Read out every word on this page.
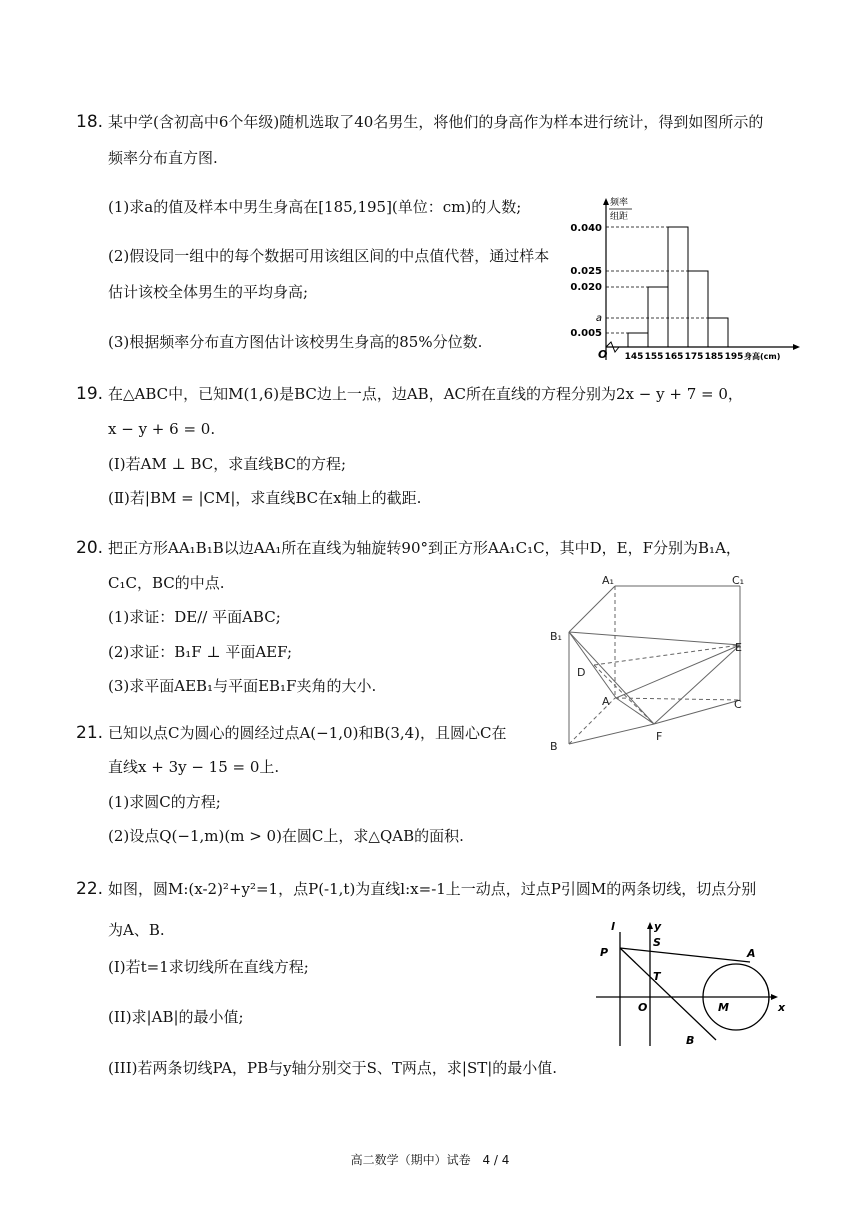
18. 某中学(含初高中6个年级)随机选取了40名男生，将他们的身高作为样本进行统计，得到如图所示的
频率分布直方图.
(1)求a的值及样本中男生身高在[185,195](单位：cm)的人数;
(2)假设同一组中的每个数据可用该组区间的中点值代替，通过样本
估计该校全体男生的平均身高;
(3)根据频率分布直方图估计该校男生身高的85%分位数.
频率
组距
0.040
0.025
0.020
a
0.005
O 145 155 165 175 185 195 身高(cm)
19. 在△ABC中，已知M(1,6)是BC边上一点，边AB，AC所在直线的方程分别为2x − y + 7 = 0，
x − y + 6 = 0.
(Ⅰ)若AM ⊥ BC，求直线BC的方程;
(Ⅱ)若|BM = |CM|，求直线BC在x轴上的截距.
20. 把正方形AA₁B₁B以边AA₁所在直线为轴旋转90°到正方形AA₁C₁C，其中D，E，F分别为B₁A，
C₁C，BC的中点.
(1)求证：DE// 平面ABC;
(2)求证：B₁F ⊥ 平面AEF;
(3)求平面AEB₁与平面EB₁F夹角的大小.
A₁	C₁
B₁
E
D
A	C
B
F
21. 已知以点C为圆心的圆经过点A(−1,0)和B(3,4)，且圆心C在
直线x + 3y − 15 = 0上.
(1)求圆C的方程;
(2)设点Q(−1,m)(m > 0)在圆C上，求△QAB的面积.
22. 如图，圆M:(x-2)²+y²=1，点P(-1,t)为直线l:x=-1上一动点，过点P引圆M的两条切线，切点分别
为A、B.
(I)若t=1求切线所在直线方程;
(II)求|AB|的最小值;
(III)若两条切线PA，PB与y轴分别交于S、T两点，求|ST|的最小值.
l	y
P
S
A
T
O	M	x
B
高二数学（期中）试卷 4 / 4
